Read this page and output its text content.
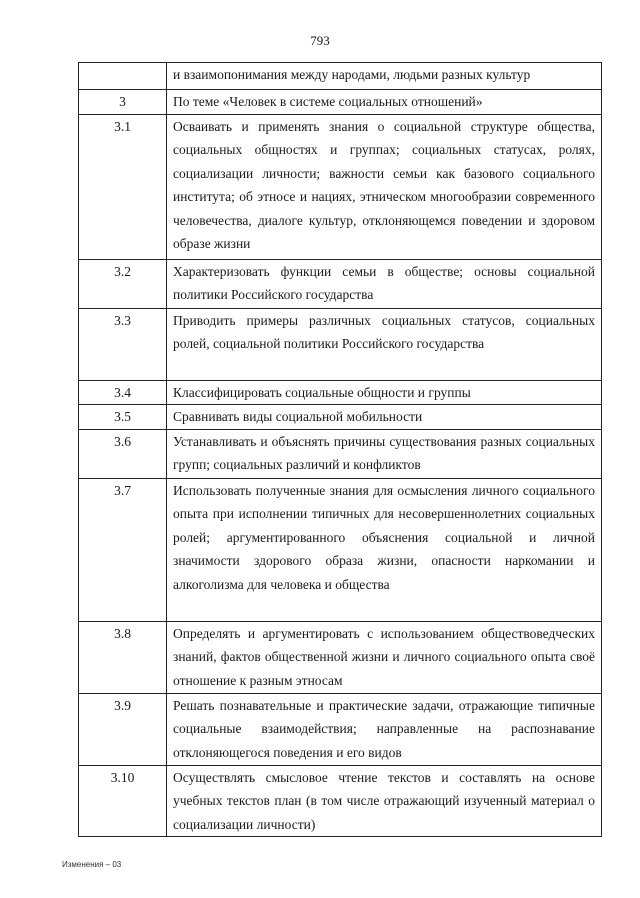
793
	и взаимопонимания между народами, людьми разных культур
3	По теме «Человек в системе социальных отношений»
3.1	Осваивать и применять знания о социальной структуре общества, социальных общностях и группах; социальных статусах, ролях, социализации личности; важности семьи как базового социального института; об этносе и нациях, этническом многообразии современного человечества, диалоге культур, отклоняющемся поведении и здоровом образе жизни
3.2	Характеризовать функции семьи в обществе; основы социальной политики Российского государства
3.3	Приводить примеры различных социальных статусов, социальных ролей, социальной политики Российского государства
3.4	Классифицировать социальные общности и группы
3.5	Сравнивать виды социальной мобильности
3.6	Устанавливать и объяснять причины существования разных социальных групп; социальных различий и конфликтов
3.7	Использовать полученные знания для осмысления личного социального опыта при исполнении типичных для несовершеннолетних социальных ролей; аргументированного объяснения социальной и личной значимости здорового образа жизни, опасности наркомании и алкоголизма для человека и общества
3.8	Определять и аргументировать с использованием обществоведческих знаний, фактов общественной жизни и личного социального опыта своё отношение к разным этносам
3.9	Решать познавательные и практические задачи, отражающие типичные социальные взаимодействия; направленные на распознавание отклоняющегося поведения и его видов
3.10	Осуществлять смысловое чтение текстов и составлять на основе учебных текстов план (в том числе отражающий изученный материал о социализации личности)
Изменения – 03
